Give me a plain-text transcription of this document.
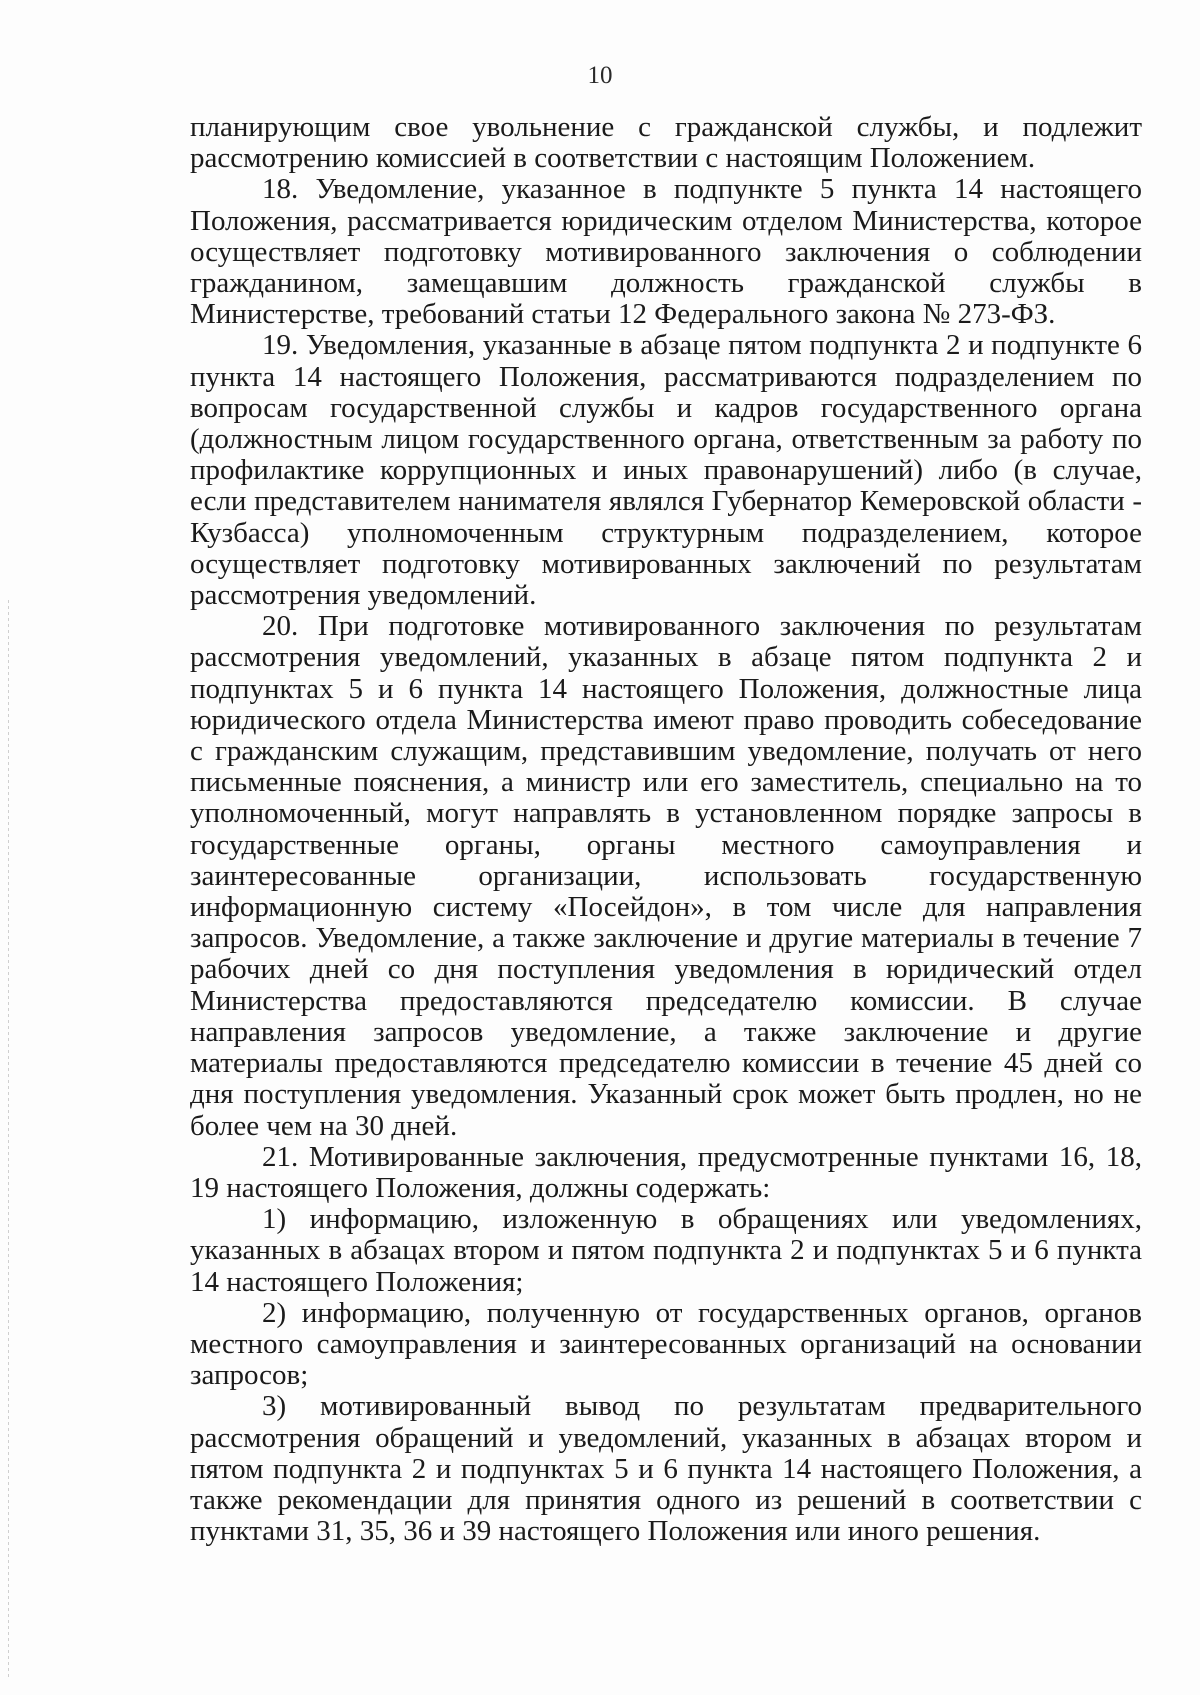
10

планирующим свое увольнение с гражданской службы, и подлежит рассмотрению комиссией в соответствии с настоящим Положением.

18. Уведомление, указанное в подпункте 5 пункта 14 настоящего Положения, рассматривается юридическим отделом Министерства, которое осуществляет подготовку мотивированного заключения о соблюдении гражданином, замещавшим должность гражданской службы в Министерстве, требований статьи 12 Федерального закона № 273-ФЗ.

19. Уведомления, указанные в абзаце пятом подпункта 2 и подпункте 6 пункта 14 настоящего Положения, рассматриваются подразделением по вопросам государственной службы и кадров государственного органа (должностным лицом государственного органа, ответственным за работу по профилактике коррупционных и иных правонарушений) либо (в случае, если представителем нанимателя являлся Губернатор Кемеровской области - Кузбасса) уполномоченным структурным подразделением, которое осуществляет подготовку мотивированных заключений по результатам рассмотрения уведомлений.

20. При подготовке мотивированного заключения по результатам рассмотрения уведомлений, указанных в абзаце пятом подпункта 2 и подпунктах 5 и 6 пункта 14 настоящего Положения, должностные лица юридического отдела Министерства имеют право проводить собеседование с гражданским служащим, представившим уведомление, получать от него письменные пояснения, а министр или его заместитель, специально на то уполномоченный, могут направлять в установленном порядке запросы в государственные органы, органы местного самоуправления и заинтересованные организации, использовать государственную информационную систему «Посейдон», в том числе для направления запросов. Уведомление, а также заключение и другие материалы в течение 7 рабочих дней со дня поступления уведомления в юридический отдел Министерства предоставляются председателю комиссии. В случае направления запросов уведомление, а также заключение и другие материалы предоставляются председателю комиссии в течение 45 дней со дня поступления уведомления. Указанный срок может быть продлен, но не более чем на 30 дней.

21. Мотивированные заключения, предусмотренные пунктами 16, 18, 19 настоящего Положения, должны содержать:

1) информацию, изложенную в обращениях или уведомлениях, указанных в абзацах втором и пятом подпункта 2 и подпунктах 5 и 6 пункта 14 настоящего Положения;

2) информацию, полученную от государственных органов, органов местного самоуправления и заинтересованных организаций на основании запросов;

3) мотивированный вывод по результатам предварительного рассмотрения обращений и уведомлений, указанных в абзацах втором и пятом подпункта 2 и подпунктах 5 и 6 пункта 14 настоящего Положения, а также рекомендации для принятия одного из решений в соответствии с пунктами 31, 35, 36 и 39 настоящего Положения или иного решения.
